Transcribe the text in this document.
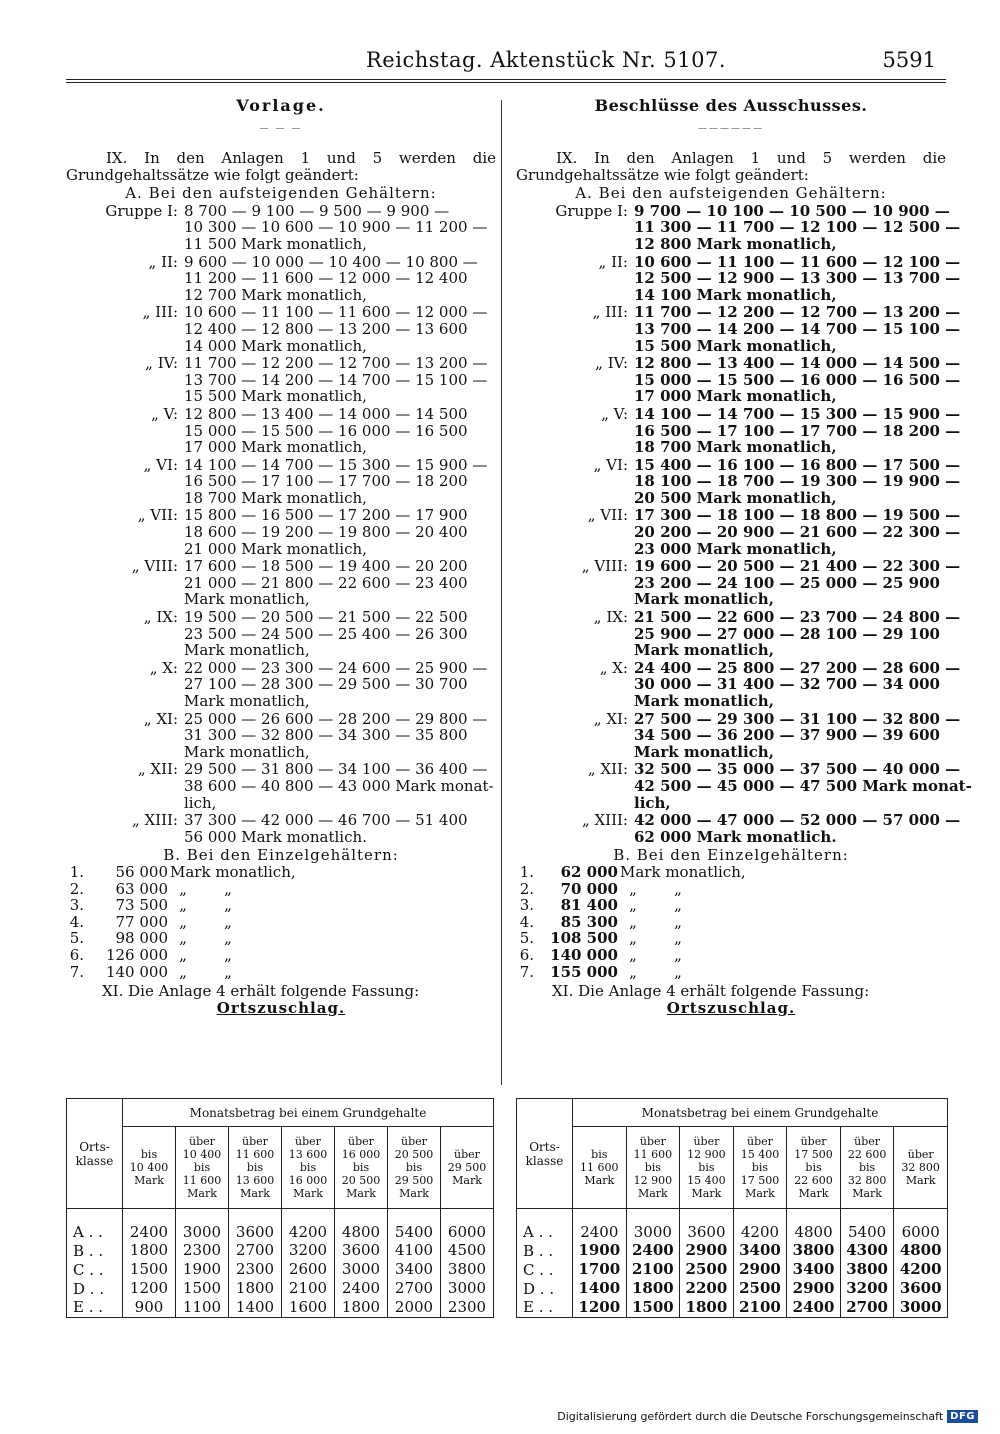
Reichstag. Aktenstück Nr. 5107.	5591
Vorlage.
— — —
IX. In den Anlagen 1 und 5 werden die Grundgehaltssätze wie folgt geändert:
A. Bei den aufsteigenden Gehältern:
Gruppe I: 8 700 — 9 100 — 9 500 — 9 900 —
10 300 — 10 600 — 10 900 — 11 200 —
11 500 Mark monatlich,
„ II: 9 600 — 10 000 — 10 400 — 10 800 —
11 200 — 11 600 — 12 000 — 12 400
12 700 Mark monatlich,
„ III: 10 600 — 11 100 — 11 600 — 12 000 —
12 400 — 12 800 — 13 200 — 13 600
14 000 Mark monatlich,
„ IV: 11 700 — 12 200 — 12 700 — 13 200 —
13 700 — 14 200 — 14 700 — 15 100 —
15 500 Mark monatlich,
„ V: 12 800 — 13 400 — 14 000 — 14 500
15 000 — 15 500 — 16 000 — 16 500
17 000 Mark monatlich,
„ VI: 14 100 — 14 700 — 15 300 — 15 900 —
16 500 — 17 100 — 17 700 — 18 200
18 700 Mark monatlich,
„ VII: 15 800 — 16 500 — 17 200 — 17 900
18 600 — 19 200 — 19 800 — 20 400
21 000 Mark monatlich,
„ VIII: 17 600 — 18 500 — 19 400 — 20 200
21 000 — 21 800 — 22 600 — 23 400
Mark monatlich,
„ IX: 19 500 — 20 500 — 21 500 — 22 500
23 500 — 24 500 — 25 400 — 26 300
Mark monatlich,
„ X: 22 000 — 23 300 — 24 600 — 25 900 —
27 100 — 28 300 — 29 500 — 30 700
Mark monatlich,
„ XI: 25 000 — 26 600 — 28 200 — 29 800 —
31 300 — 32 800 — 34 300 — 35 800
Mark monatlich,
„ XII: 29 500 — 31 800 — 34 100 — 36 400 —
38 600 — 40 800 — 43 000 Mark monat-
lich,
„ XIII: 37 300 — 42 000 — 46 700 — 51 400
56 000 Mark monatlich.
B. Bei den Einzelgehältern:
1.	56 000 Mark monatlich,
2.	63 000 „	„
3.	73 500 „	„
4.	77 000 „	„
5.	98 000 „	„
6.	126 000 „	„
7.	140 000 „	„
XI. Die Anlage 4 erhält folgende Fassung:
Ortszuschlag.
Beschlüsse des Ausschusses.
——————
IX. In den Anlagen 1 und 5 werden die Grundgehaltssätze wie folgt geändert:
A. Bei den aufsteigenden Gehältern:
Gruppe I: 9 700 — 10 100 — 10 500 — 10 900 —
11 300 — 11 700 — 12 100 — 12 500 —
12 800 Mark monatlich,
„ II: 10 600 — 11 100 — 11 600 — 12 100 —
12 500 — 12 900 — 13 300 — 13 700 —
14 100 Mark monatlich,
„ III: 11 700 — 12 200 — 12 700 — 13 200 —
13 700 — 14 200 — 14 700 — 15 100 —
15 500 Mark monatlich,
„ IV: 12 800 — 13 400 — 14 000 — 14 500 —
15 000 — 15 500 — 16 000 — 16 500 —
17 000 Mark monatlich,
„ V: 14 100 — 14 700 — 15 300 — 15 900 —
16 500 — 17 100 — 17 700 — 18 200 —
18 700 Mark monatlich,
„ VI: 15 400 — 16 100 — 16 800 — 17 500 —
18 100 — 18 700 — 19 300 — 19 900 —
20 500 Mark monatlich,
„ VII: 17 300 — 18 100 — 18 800 — 19 500 —
20 200 — 20 900 — 21 600 — 22 300 —
23 000 Mark monatlich,
„ VIII: 19 600 — 20 500 — 21 400 — 22 300 —
23 200 — 24 100 — 25 000 — 25 900
Mark monatlich,
„ IX: 21 500 — 22 600 — 23 700 — 24 800 —
25 900 — 27 000 — 28 100 — 29 100
Mark monatlich,
„ X: 24 400 — 25 800 — 27 200 — 28 600 —
30 000 — 31 400 — 32 700 — 34 000
Mark monatlich,
„ XI: 27 500 — 29 300 — 31 100 — 32 800 —
34 500 — 36 200 — 37 900 — 39 600
Mark monatlich,
„ XII: 32 500 — 35 000 — 37 500 — 40 000 —
42 500 — 45 000 — 47 500 Mark monat-
lich,
„ XIII: 42 000 — 47 000 — 52 000 — 57 000 —
62 000 Mark monatlich.
B. Bei den Einzelgehältern:
1.	62 000 Mark monatlich,
2.	70 000 „	„
3.	81 400 „	„
4.	85 300 „	„
5.	108 500 „	„
6.	140 000 „	„
7.	155 000 „	„
XI. Die Anlage 4 erhält folgende Fassung:
Ortszuschlag.
Orts-
klasse	Monatsbetrag bei einem Grundgehalte						
	bis
10 400
Mark	über
10 400
bis
11 600
Mark	über
11 600
bis
13 600
Mark	über
13 600
bis
16 000
Mark	über
16 000
bis
20 500
Mark	über
20 500
bis
29 500
Mark	über
29 500
Mark
A . .	2400	3000	3600	4200	4800	5400	6000
B . .	1800	2300	2700	3200	3600	4100	4500
C . .	1500	1900	2300	2600	3000	3400	3800
D . .	1200	1500	1800	2100	2400	2700	3000
E . .	900	1100	1400	1600	1800	2000	2300
Orts-
klasse	Monatsbetrag bei einem Grundgehalte						
	bis
11 600
Mark	über
11 600
bis
12 900
Mark	über
12 900
bis
15 400
Mark	über
15 400
bis
17 500
Mark	über
17 500
bis
22 600
Mark	über
22 600
bis
32 800
Mark	über
32 800
Mark
A . .	2400	3000	3600	4200	4800	5400	6000
B . .	1900	2400	2900	3400	3800	4300	4800
C . .	1700	2100	2500	2900	3400	3800	4200
D . .	1400	1800	2200	2500	2900	3200	3600
E . .	1200	1500	1800	2100	2400	2700	3000
Digitalisierung gefördert durch die Deutsche Forschungsgemeinschaft DFG
